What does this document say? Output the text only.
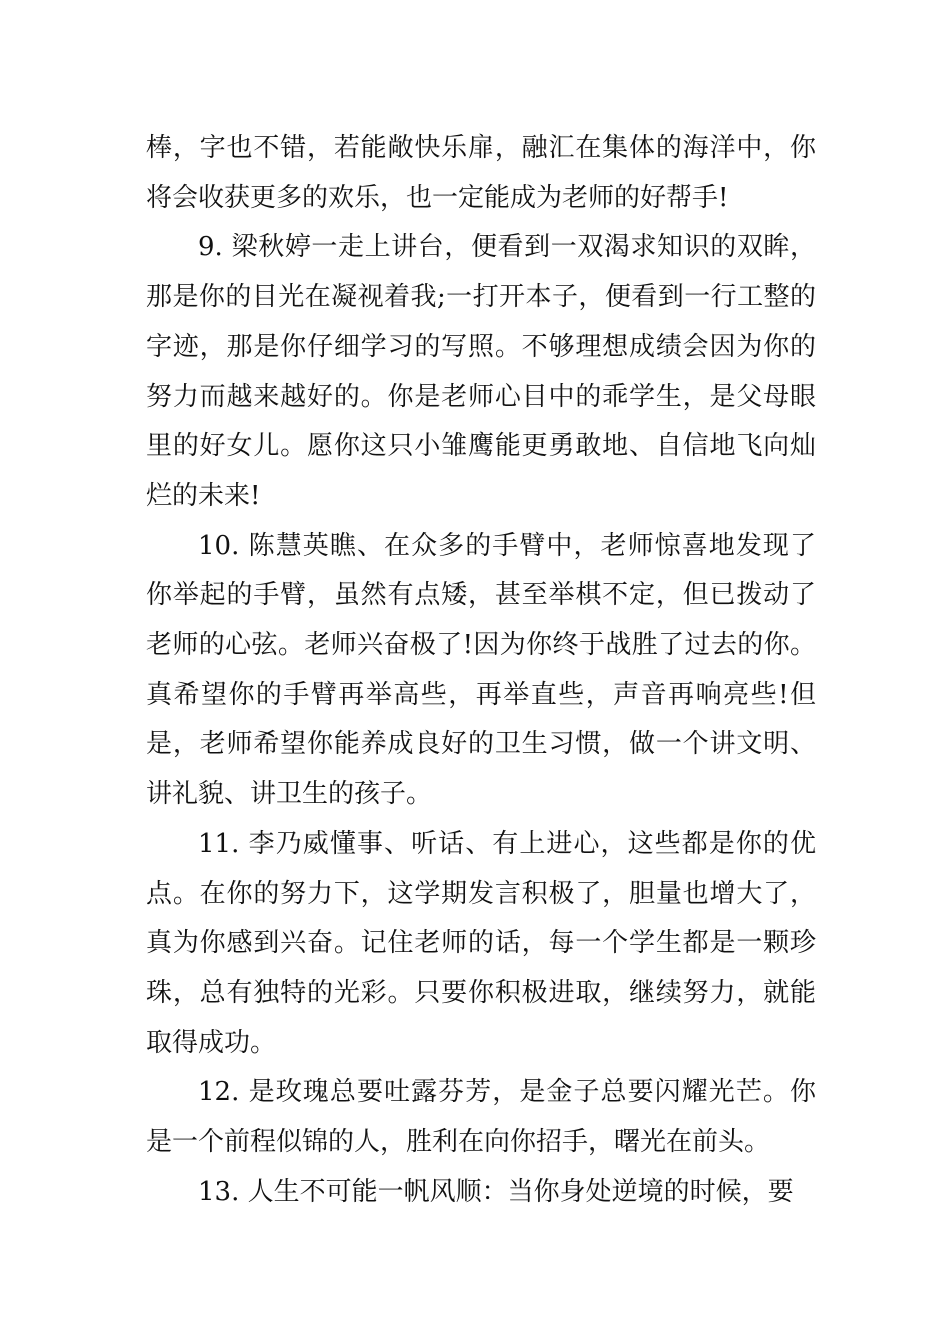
棒，字也不错，若能敞快乐扉，融汇在集体的海洋中，你将会收获更多的欢乐，也一定能成为老师的好帮手!

9. 梁秋婷一走上讲台，便看到一双渴求知识的双眸，那是你的目光在凝视着我;一打开本子，便看到一行工整的字迹，那是你仔细学习的写照。不够理想成绩会因为你的努力而越来越好的。你是老师心目中的乖学生，是父母眼里的好女儿。愿你这只小雏鹰能更勇敢地、自信地飞向灿烂的未来!

10. 陈慧英瞧、在众多的手臂中，老师惊喜地发现了你举起的手臂，虽然有点矮，甚至举棋不定，但已拨动了老师的心弦。老师兴奋极了!因为你终于战胜了过去的你。真希望你的手臂再举高些，再举直些，声音再响亮些!但是，老师希望你能养成良好的卫生习惯，做一个讲文明、讲礼貌、讲卫生的孩子。

11. 李乃威懂事、听话、有上进心，这些都是你的优点。在你的努力下，这学期发言积极了，胆量也增大了，真为你感到兴奋。记住老师的话，每一个学生都是一颗珍珠，总有独特的光彩。只要你积极进取，继续努力，就能取得成功。

12. 是玫瑰总要吐露芬芳，是金子总要闪耀光芒。你是一个前程似锦的人，胜利在向你招手，曙光在前头。

13. 人生不可能一帆风顺：当你身处逆境的时候，要
